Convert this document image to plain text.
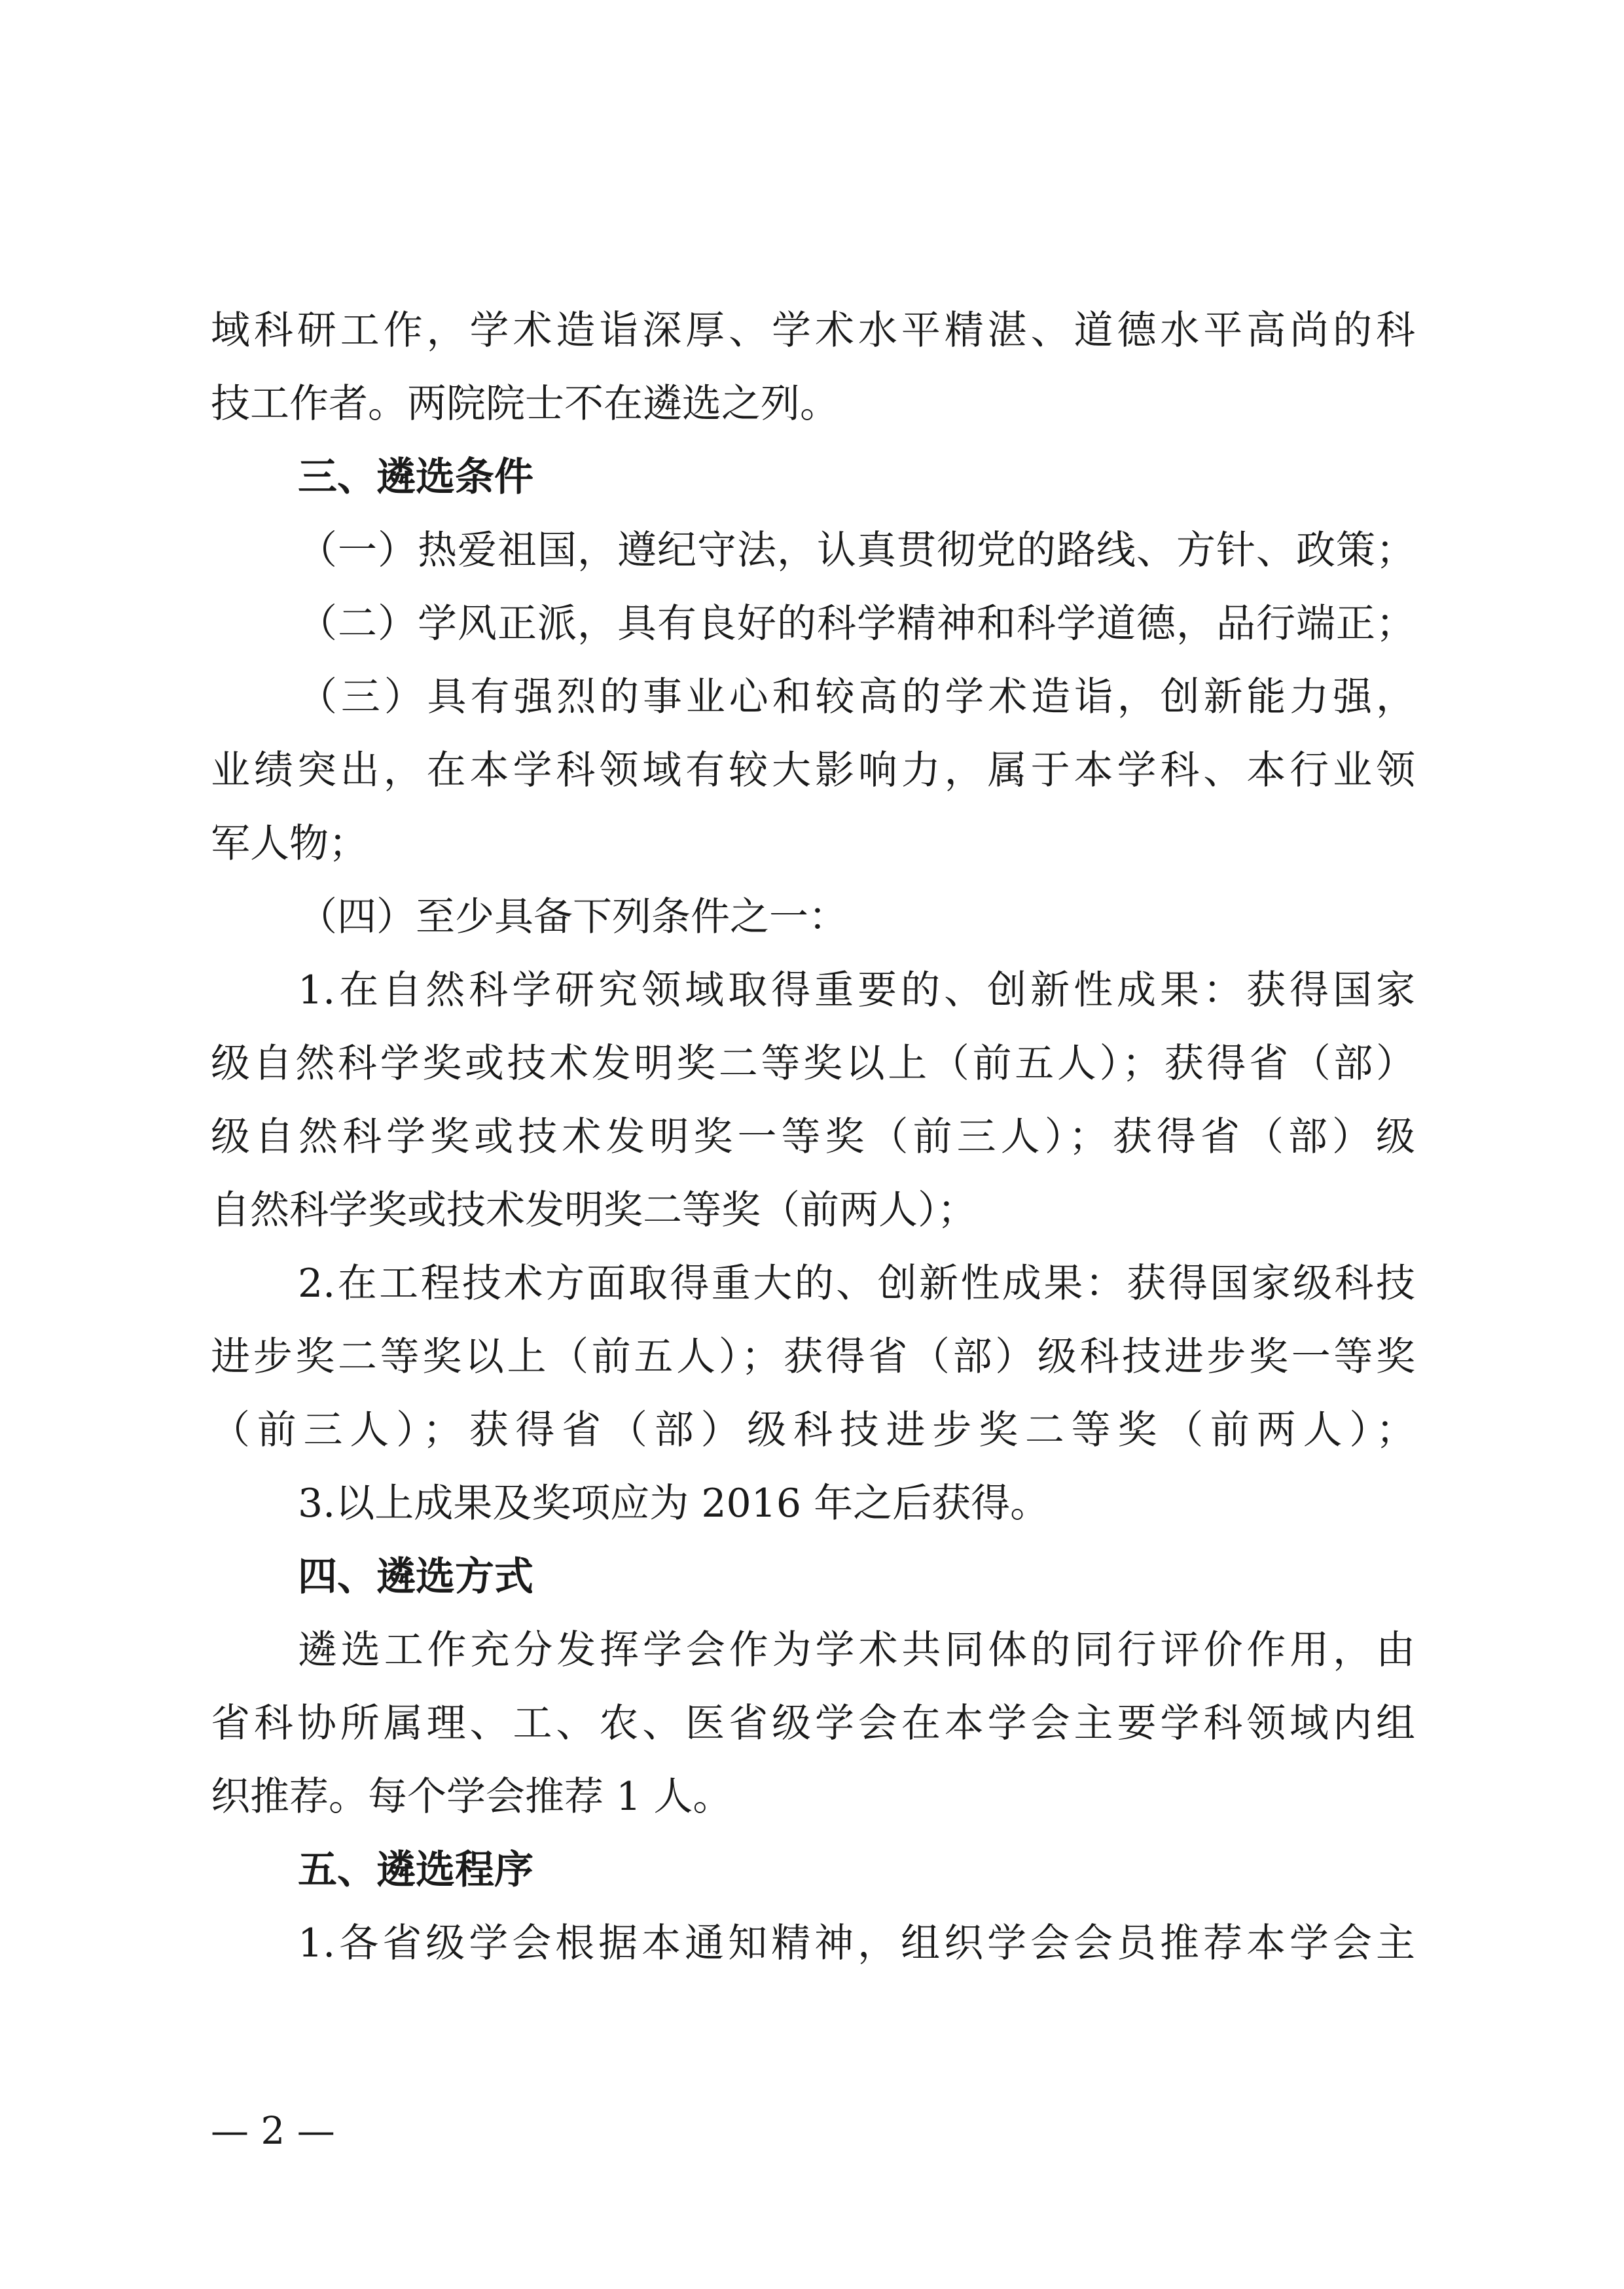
域科研工作，学术造诣深厚、学术水平精湛、道德水平高尚的科
技工作者。两院院士不在遴选之列。
三、遴选条件
（一）热爱祖国，遵纪守法，认真贯彻党的路线、方针、政策；
（二）学风正派，具有良好的科学精神和科学道德，品行端正；
（三）具有强烈的事业心和较高的学术造诣，创新能力强，
业绩突出，在本学科领域有较大影响力，属于本学科、本行业领
军人物；
（四）至少具备下列条件之一：
1.在自然科学研究领域取得重要的、创新性成果：获得国家
级自然科学奖或技术发明奖二等奖以上（前五人）；获得省（部）
级自然科学奖或技术发明奖一等奖（前三人）；获得省（部）级
自然科学奖或技术发明奖二等奖（前两人）；
2.在工程技术方面取得重大的、创新性成果：获得国家级科技
进步奖二等奖以上（前五人）；获得省（部）级科技进步奖一等奖
（前三人）；获得省（部）级科技进步奖二等奖（前两人）；
3.以上成果及奖项应为 2016 年之后获得。
四、遴选方式
遴选工作充分发挥学会作为学术共同体的同行评价作用，由
省科协所属理、工、农、医省级学会在本学会主要学科领域内组
织推荐。每个学会推荐 1 人。
五、遴选程序
1.各省级学会根据本通知精神，组织学会会员推荐本学会主
— 2 —
